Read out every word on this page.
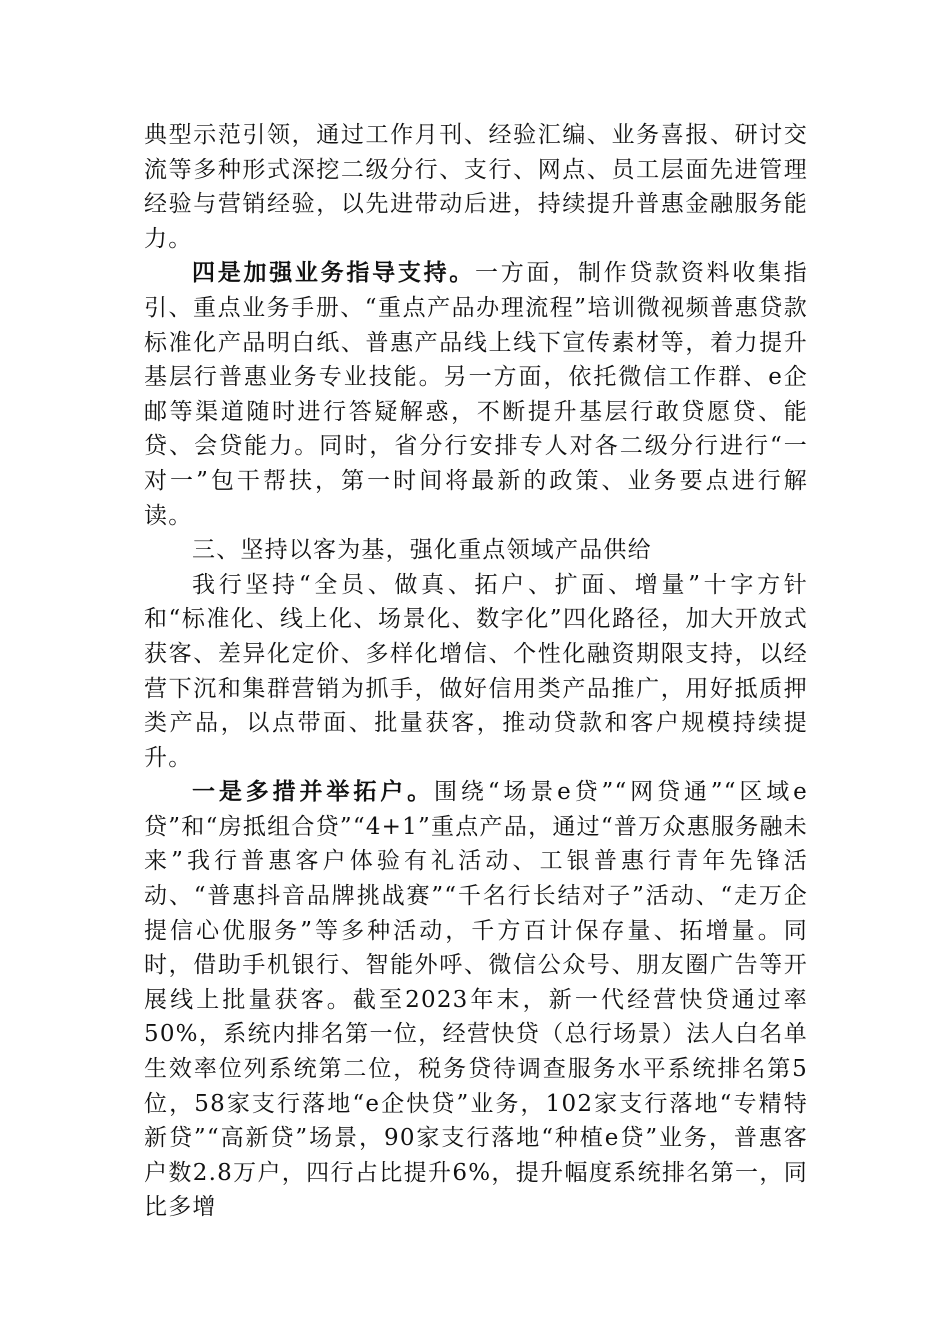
典型示范引领，通过工作月刊、经验汇编、业务喜报、研讨交流等多种形式深挖二级分行、支行、网点、员工层面先进管理经验与营销经验，以先进带动后进，持续提升普惠金融服务能力。

四是加强业务指导支持。一方面，制作贷款资料收集指引、重点业务手册、“重点产品办理流程”培训微视频普惠贷款标准化产品明白纸、普惠产品线上线下宣传素材等，着力提升基层行普惠业务专业技能。另一方面，依托微信工作群、e企邮等渠道随时进行答疑解惑，不断提升基层行敢贷愿贷、能贷、会贷能力。同时，省分行安排专人对各二级分行进行“一对一”包干帮扶，第一时间将最新的政策、业务要点进行解读。

三、坚持以客为基，强化重点领域产品供给

我行坚持“全员、做真、拓户、扩面、增量”十字方针和“标准化、线上化、场景化、数字化”四化路径，加大开放式获客、差异化定价、多样化增信、个性化融资期限支持，以经营下沉和集群营销为抓手，做好信用类产品推广，用好抵质押类产品，以点带面、批量获客，推动贷款和客户规模持续提升。

一是多措并举拓户。围绕“场景e贷”“网贷通”“区域e贷”和“房抵组合贷”“4+1”重点产品，通过“普万众惠服务融未来”我行普惠客户体验有礼活动、工银普惠行青年先锋活动、“普惠抖音品牌挑战赛”“千名行长结对子”活动、“走万企提信心优服务”等多种活动，千方百计保存量、拓增量。同时，借助手机银行、智能外呼、微信公众号、朋友圈广告等开展线上批量获客。截至2023年末，新一代经营快贷通过率50%，系统内排名第一位，经营快贷（总行场景）法人白名单生效率位列系统第二位，税务贷待调查服务水平系统排名第5位，58家支行落地“e企快贷”业务，102家支行落地“专精特新贷”“高新贷”场景，90家支行落地“种植e贷”业务，普惠客户数2.8万户，四行占比提升6%，提升幅度系统排名第一，同比多增
